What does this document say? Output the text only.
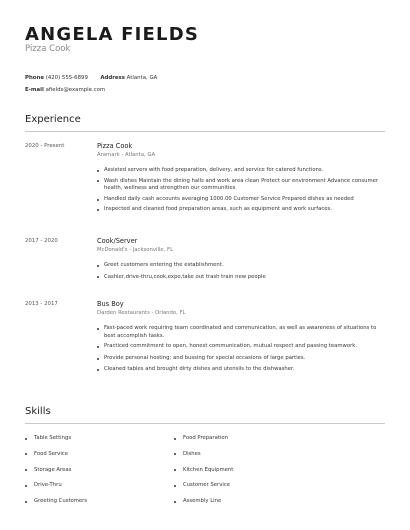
ANGELA FIELDS
Pizza Cook
Phone (420) 555-6899 Address Atlanta, GA
E-mail afields@example.com
Experience
2020 - Present	Pizza Cook
Aramark - Atlanta, GA
Assisted servers with food preparation, delivery, and service for catered functions.
Wash dishes Maintain the dining halls and work area clean Protect our environment Advance consumer health, wellness and strengthen our communities
Handled daily cash accounts averaging 1000.00 Customer Service Prepared dishes as needed
Inspected and cleaned food preparation areas, such as equipment and work surfaces.
2017 - 2020	Cook/Server
McDonald's - Jacksonville, FL
Greet customers entering the establishment.
Cashier,drive-thru,cook,expo,take out trash train new people
2013 - 2017	Bus Boy
Darden Restaurants - Orlando, FL
Fast-paced work requiring team coordinated and communication, as well as awareness of situations to best accomplish tasks.
Practiced commitment to open, honest communication, mutual respect and passing teamwork.
Provide personal hosting; and bussing for special occasions of large parties.
Cleaned tables and brought dirty dishes and utensils to the dishwasher.
Skills
Table Settings
Food Service
Storage Areas
Drive-Thru
Greeting Customers
Food Preparation
Dishes
Kitchen Equipment
Customer Service
Assembly Line
